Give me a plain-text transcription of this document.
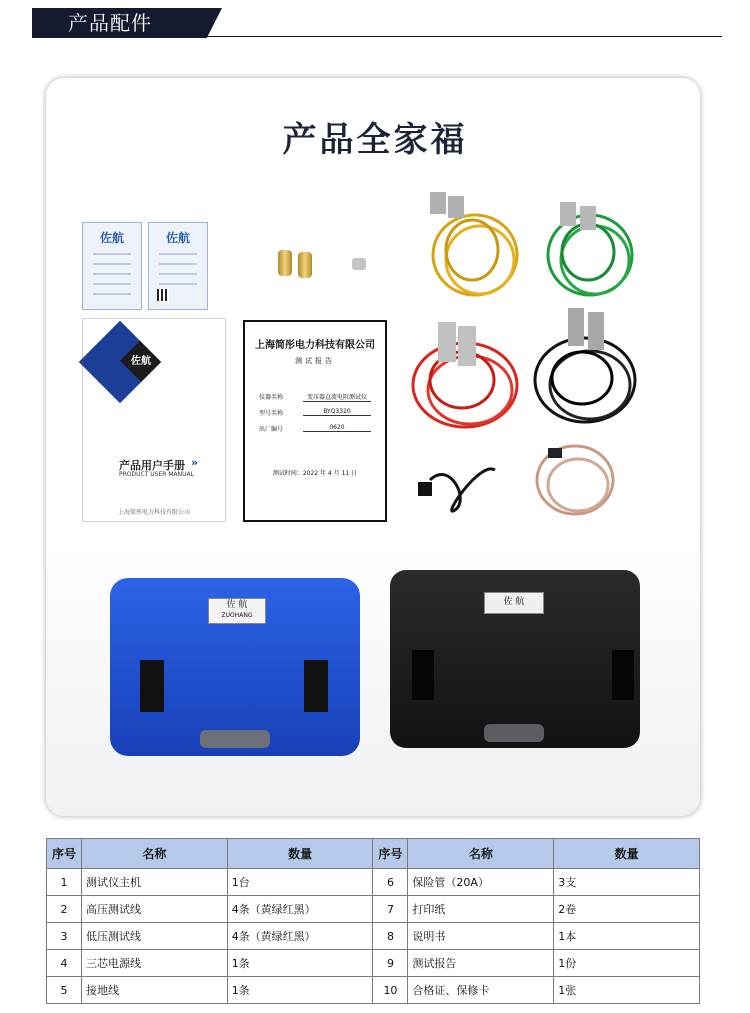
产品配件
产品全家福
佐航	佐航
佐航
产品用户手册 »
PRODUCT USER MANUAL
上海简彤电力科技有限公司
上海简彤电力科技有限公司
测试报告
仪器名称	变压器直流电阻测试仪
型号名称	BYQ3320
出厂编号	0620
测试时间：2022 年 4 月 11 日
佐 航
ZUOHANG
佐 航
序号	名称	数量	序号	名称	数量
1	测试仪主机	1台	6	保险管（20A）	3支
2	高压测试线	4条（黄绿红黑）	7	打印纸	2卷
3	低压测试线	4条（黄绿红黑）	8	说明书	1本
4	三芯电源线	1条	9	测试报告	1份
5	接地线	1条	10	合格证、保修卡	1张
